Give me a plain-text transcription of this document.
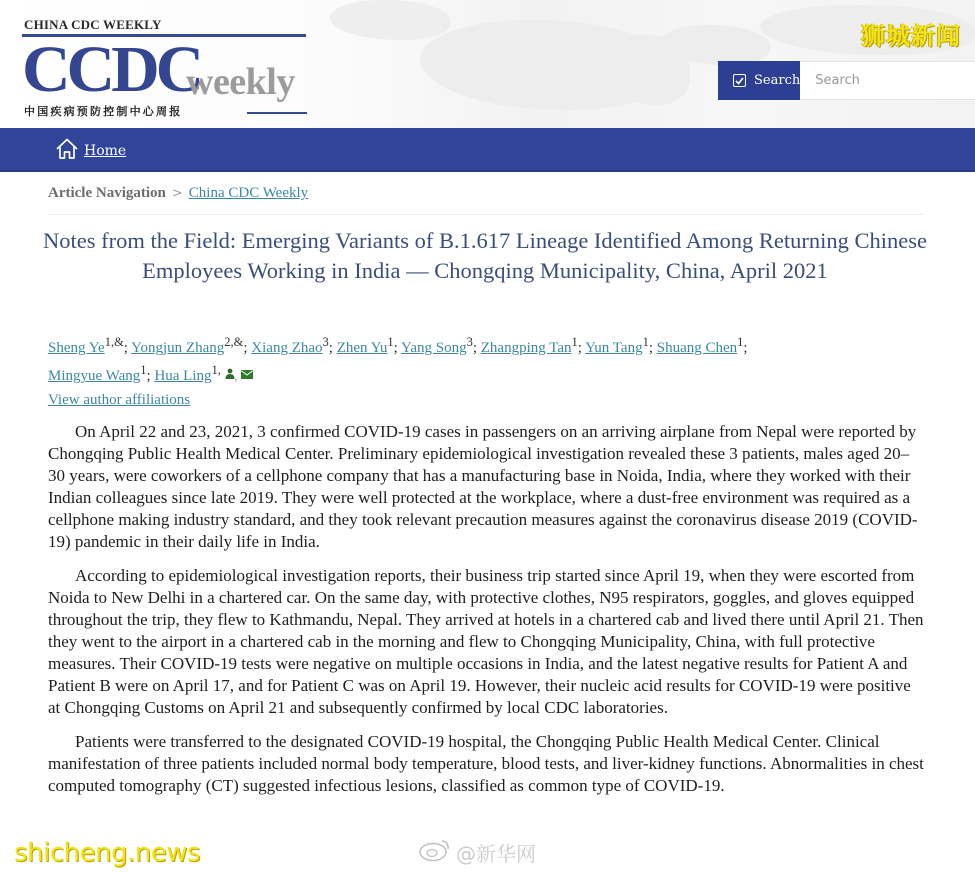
CHINA CDC WEEKLY
CCDC
weekly
中国疾病预防控制中心周报
狮城新闻
Search
Search
Home
Article Navigation > China CDC Weekly
Notes from the Field: Emerging Variants of B.1.617 Lineage Identified Among Returning Chinese Employees Working in India — Chongqing Municipality, China, April 2021
Sheng $Ye^{1,\&}$; Yongjun Zhang$^{2,\&}$; Xiang Zhao$^3$; Zhen Yu$^1$; Yang Song$^3$; Zhangping Tan$^1$; Yun Tang$^1$; Shuang Chen$^1$;
Mingyue Wang$^1$; Hua Ling$^{1,}$ ,
View author affiliations

On April 22 and 23, 2021, 3 confirmed COVID-19 cases in passengers on an arriving airplane from Nepal were reported by Chongqing Public Health Medical Center. Preliminary epidemiological investigation revealed these 3 patients, males aged 20–30 years, were coworkers of a cellphone company that has a manufacturing base in Noida, India, where they worked with their Indian colleagues since late 2019. They were well protected at the workplace, where a dust-free environment was required as a cellphone making industry standard, and they took relevant precaution measures against the coronavirus disease 2019 (COVID-19) pandemic in their daily life in India.

According to epidemiological investigation reports, their business trip started since April 19, when they were escorted from Noida to New Delhi in a chartered car. On the same day, with protective clothes, N95 respirators, goggles, and gloves equipped throughout the trip, they flew to Kathmandu, Nepal. They arrived at hotels in a chartered cab and lived there until April 21. Then they went to the airport in a chartered cab in the morning and flew to Chongqing Municipality, China, with full protective measures. Their COVID-19 tests were negative on multiple occasions in India, and the latest negative results for Patient A and Patient B were on April 17, and for Patient C was on April 19. However, their nucleic acid results for COVID-19 were positive at Chongqing Customs on April 21 and subsequently confirmed by local CDC laboratories.

Patients were transferred to the designated COVID-19 hospital, the Chongqing Public Health Medical Center. Clinical manifestation of three patients included normal body temperature, blood tests, and liver-kidney functions. Abnormalities in chest computed tomography (CT) suggested infectious lesions, classified as common type of COVID-19.

shicheng.news	@新华网
